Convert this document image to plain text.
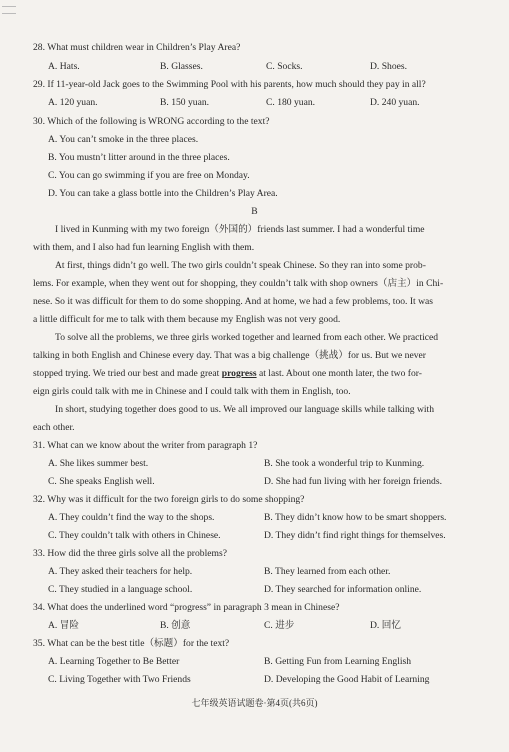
28. What must children wear in Children’s Play Area?
A. Hats.	B. Glasses.	C. Socks.	D. Shoes.
29. If 11-year-old Jack goes to the Swimming Pool with his parents, how much should they pay in all?
A. 120 yuan.	B. 150 yuan.	C. 180 yuan.	D. 240 yuan.
30. Which of the following is WRONG according to the text?
A. You can’t smoke in the three places.
B. You mustn’t litter around in the three places.
C. You can go swimming if you are free on Monday.
D. You can take a glass bottle into the Children’s Play Area.
B
I lived in Kunming with my two foreign（外国的）friends last summer. I had a wonderful time
with them, and I also had fun learning English with them.
At first, things didn’t go well. The two girls couldn’t speak Chinese. So they ran into some prob-
lems. For example, when they went out for shopping, they couldn’t talk with shop owners（店主）in Chi-
nese. So it was difficult for them to do some shopping. And at home, we had a few problems, too. It was
a little difficult for me to talk with them because my English was not very good.
To solve all the problems, we three girls worked together and learned from each other. We practiced
talking in both English and Chinese every day. That was a big challenge（挑战）for us. But we never
stopped trying. We tried our best and made great progress at last. About one month later, the two for-
eign girls could talk with me in Chinese and I could talk with them in English, too.
In short, studying together does good to us. We all improved our language skills while talking with
each other.
31. What can we know about the writer from paragraph 1?
A. She likes summer best.	B. She took a wonderful trip to Kunming.
C. She speaks English well.	D. She had fun living with her foreign friends.
32. Why was it difficult for the two foreign girls to do some shopping?
A. They couldn’t find the way to the shops.	B. They didn’t know how to be smart shoppers.
C. They couldn’t talk with others in Chinese.	D. They didn’t find right things for themselves.
33. How did the three girls solve all the problems?
A. They asked their teachers for help.	B. They learned from each other.
C. They studied in a language school.	D. They searched for information online.
34. What does the underlined word “progress” in paragraph 3 mean in Chinese?
A. 冒险	B. 创意	C. 进步	D. 回忆
35. What can be the best title（标题）for the text?
A. Learning Together to Be Better	B. Getting Fun from Learning English
C. Living Together with Two Friends	D. Developing the Good Habit of Learning
七年级英语试题卷·第4页(共6页)
